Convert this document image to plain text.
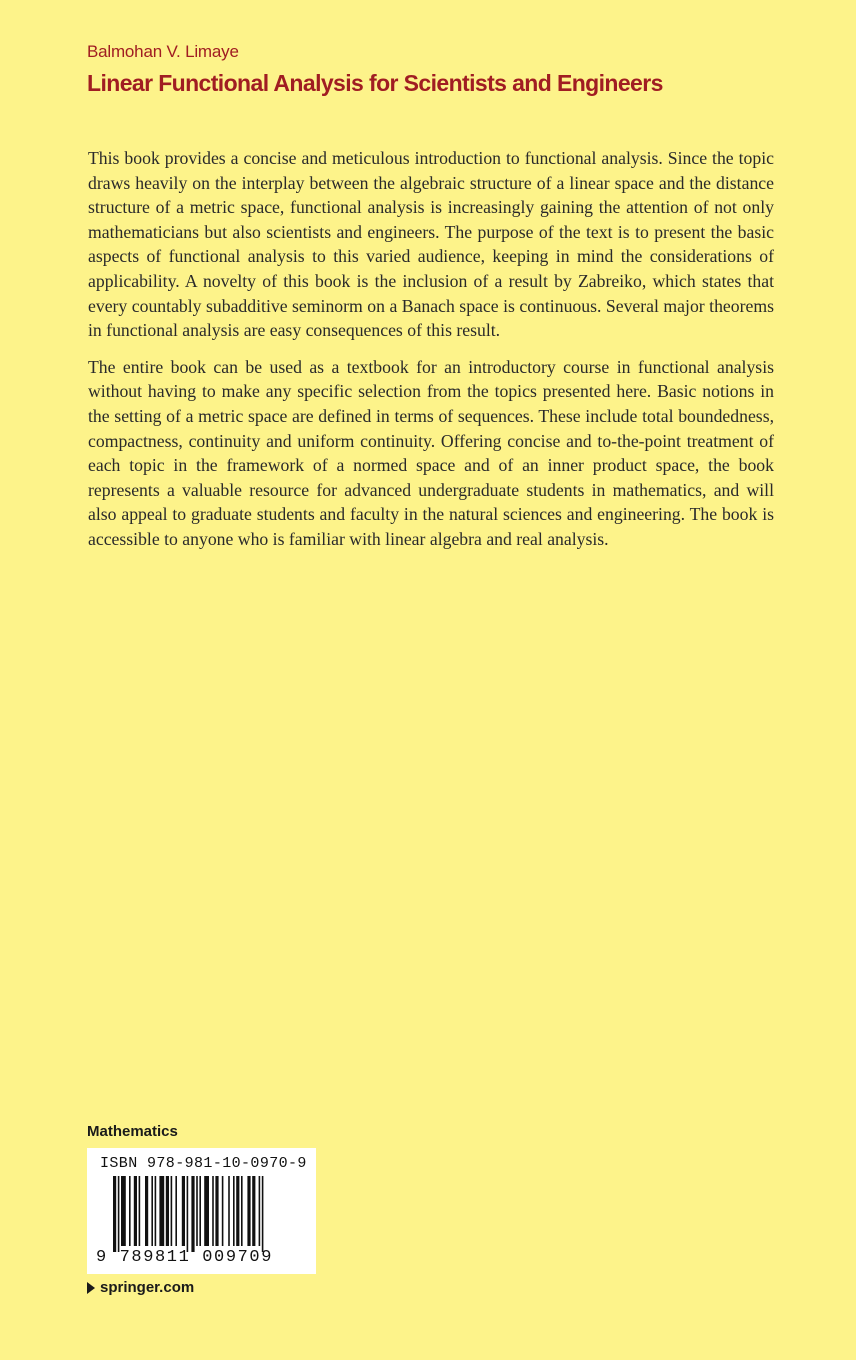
Balmohan V. Limaye
Linear Functional Analysis for Scientists and Engineers

This book provides a concise and meticulous introduction to functional analysis. Since the topic draws heavily on the interplay between the algebraic structure of a linear space and the distance structure of a metric space, functional analysis is increasingly gaining the attention of not only mathematicians but also scientists and engineers. The purpose of the text is to present the basic aspects of functional analysis to this varied audience, keeping in mind the considerations of applicability. A novelty of this book is the inclusion of a result by Zabreiko, which states that every countably subadditive seminorm on a Banach space is continuous. Several major theorems in functional analysis are easy consequences of this result.

The entire book can be used as a textbook for an introductory course in functional analysis without having to make any specific selection from the topics presented here. Basic notions in the setting of a metric space are defined in terms of sequences. These include total boundedness, compactness, continuity and uniform continuity. Offering concise and to-the-point treatment of each topic in the framework of a normed space and of an inner product space, the book represents a valuable resource for advanced undergraduate students in mathematics, and will also appeal to graduate students and faculty in the natural sciences and engineering. The book is accessible to anyone who is familiar with linear algebra and real analysis.

Mathematics
ISBN 978-981-10-0970-9
9 789811 009709
springer.com
